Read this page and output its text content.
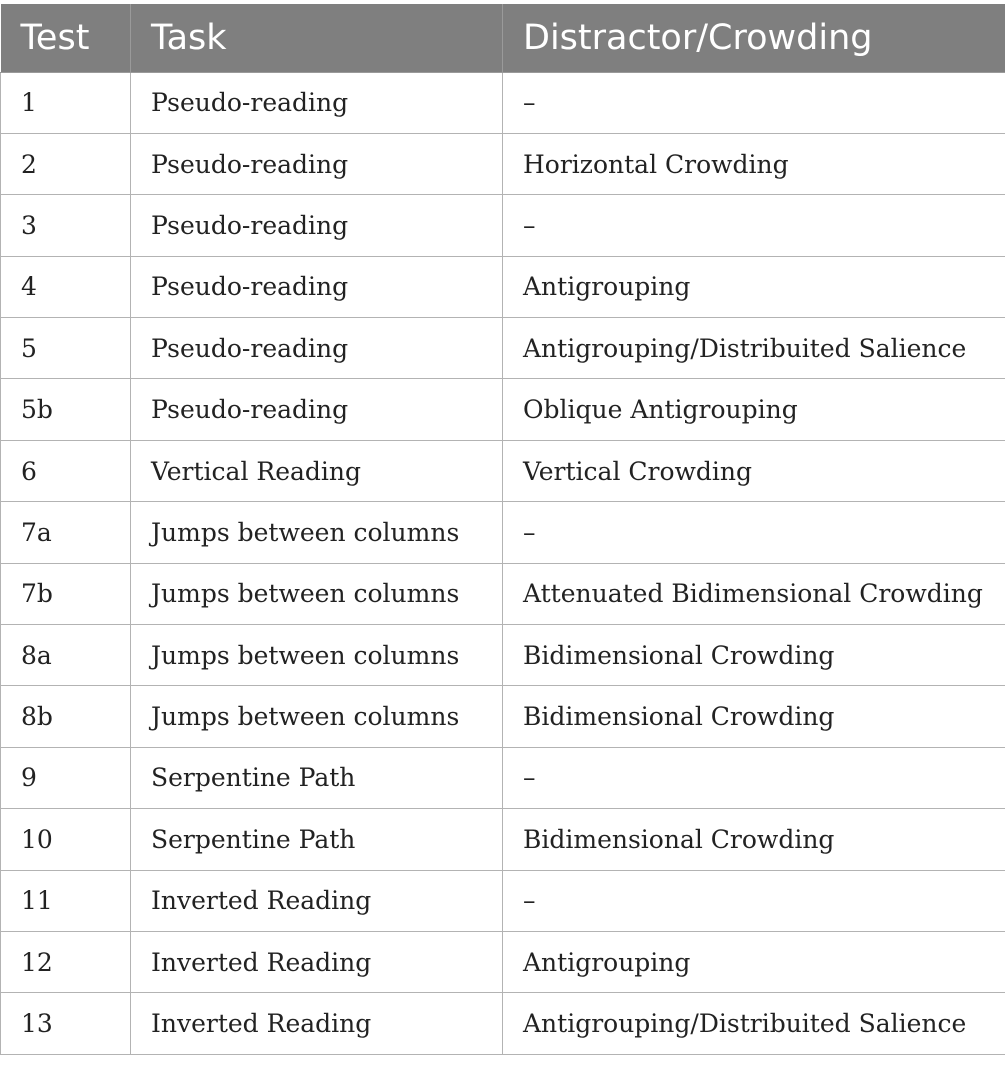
Test	Task	Distractor/Crowding
1	Pseudo-reading	–
2	Pseudo-reading	Horizontal Crowding
3	Pseudo-reading	–
4	Pseudo-reading	Antigrouping
5	Pseudo-reading	Antigrouping/Distribuited Salience
5b	Pseudo-reading	Oblique Antigrouping
6	Vertical Reading	Vertical Crowding
7a	Jumps between columns	–
7b	Jumps between columns	Attenuated Bidimensional Crowding
8a	Jumps between columns	Bidimensional Crowding
8b	Jumps between columns	Bidimensional Crowding
9	Serpentine Path	–
10	Serpentine Path	Bidimensional Crowding
11	Inverted Reading	–
12	Inverted Reading	Antigrouping
13	Inverted Reading	Antigrouping/Distribuited Salience
